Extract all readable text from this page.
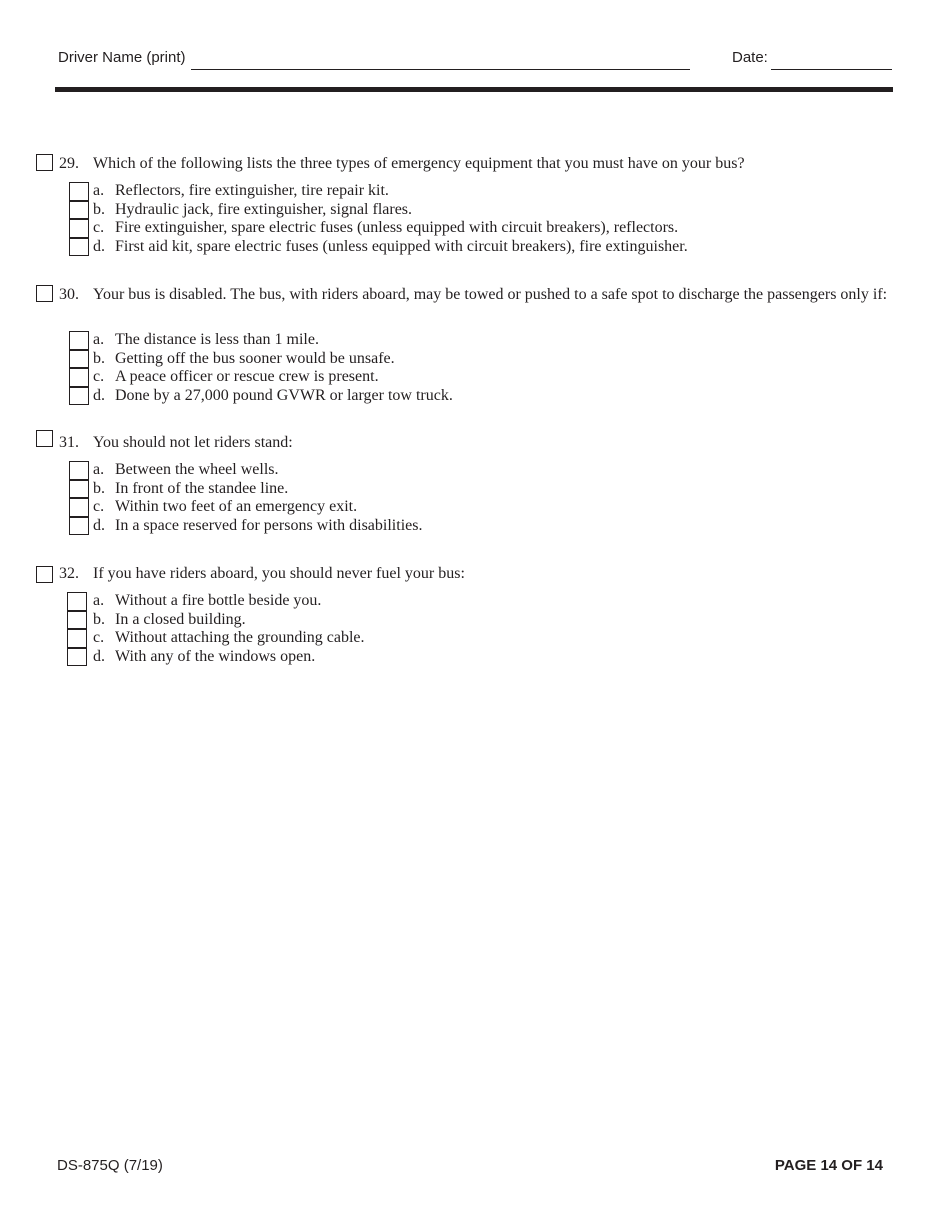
Driver Name (print)	Date:
29. Which of the following lists the three types of emergency equipment that you must have on your bus?
a. Reflectors, fire extinguisher, tire repair kit.
b. Hydraulic jack, fire extinguisher, signal flares.
c. Fire extinguisher, spare electric fuses (unless equipped with circuit breakers), reflectors.
d. First aid kit, spare electric fuses (unless equipped with circuit breakers), fire extinguisher.
30. Your bus is disabled. The bus, with riders aboard, may be towed or pushed to a safe spot to discharge the passengers only if:
a. The distance is less than 1 mile.
b. Getting off the bus sooner would be unsafe.
c. A peace officer or rescue crew is present.
d. Done by a 27,000 pound GVWR or larger tow truck.
31. You should not let riders stand:
a. Between the wheel wells.
b. In front of the standee line.
c. Within two feet of an emergency exit.
d. In a space reserved for persons with disabilities.
32. If you have riders aboard, you should never fuel your bus:
a. Without a fire bottle beside you.
b. In a closed building.
c. Without attaching the grounding cable.
d. With any of the windows open.
DS-875Q (7/19)	PAGE 14 OF 14
